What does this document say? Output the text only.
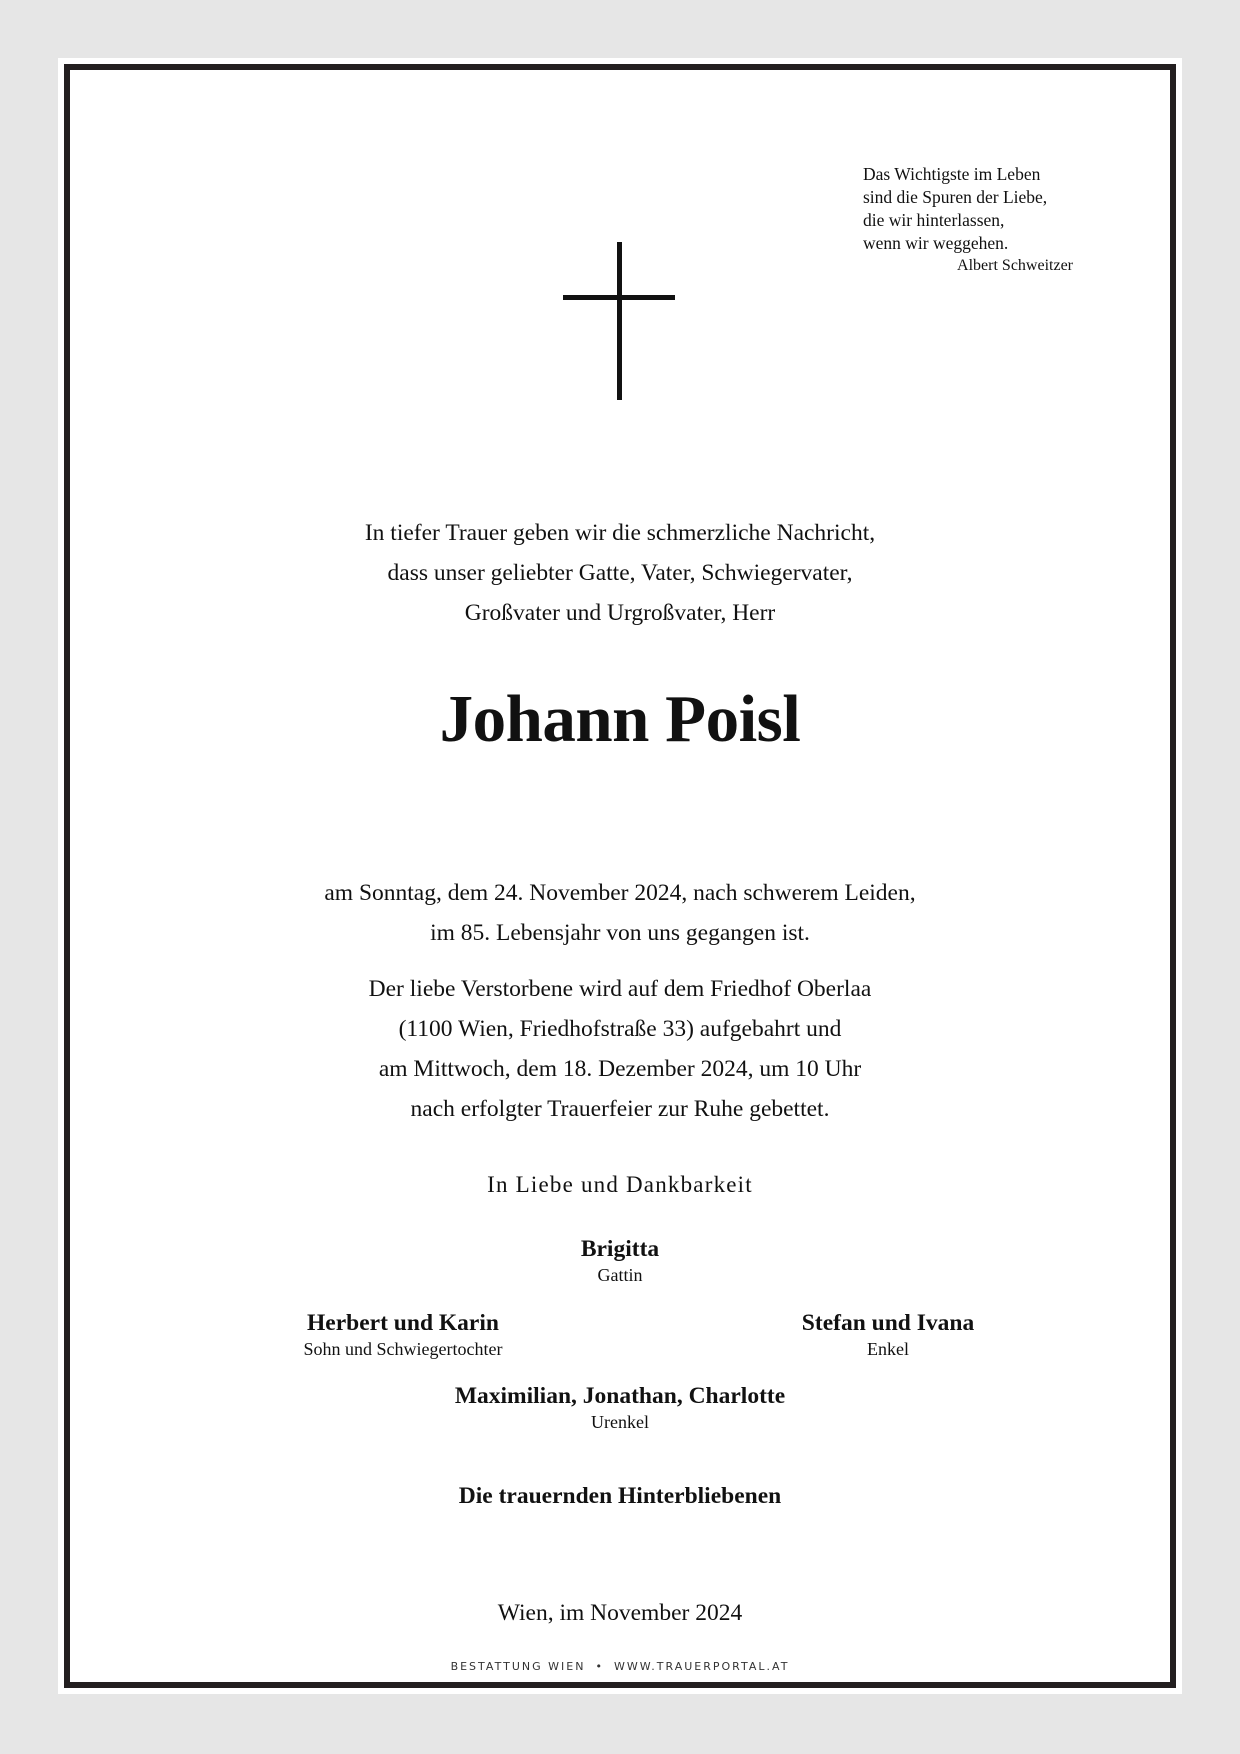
Das Wichtigste im Leben
sind die Spuren der Liebe,
die wir hinterlassen,
wenn wir weggehen.
Albert Schweitzer
In tiefer Trauer geben wir die schmerzliche Nachricht,
dass unser geliebter Gatte, Vater, Schwiegervater,
Großvater und Urgroßvater, Herr
Johann Poisl
am Sonntag, dem 24. November 2024, nach schwerem Leiden,
im 85. Lebensjahr von uns gegangen ist.
Der liebe Verstorbene wird auf dem Friedhof Oberlaa
(1100 Wien, Friedhofstraße 33) aufgebahrt und
am Mittwoch, dem 18. Dezember 2024, um 10 Uhr
nach erfolgter Trauerfeier zur Ruhe gebettet.
In Liebe und Dankbarkeit
Brigitta
Gattin
Herbert und Karin
Sohn und Schwiegertochter
Stefan und Ivana
Enkel
Maximilian, Jonathan, Charlotte
Urenkel
Die trauernden Hinterbliebenen
Wien, im November 2024
BESTATTUNG WIEN • WWW.TRAUERPORTAL.AT
